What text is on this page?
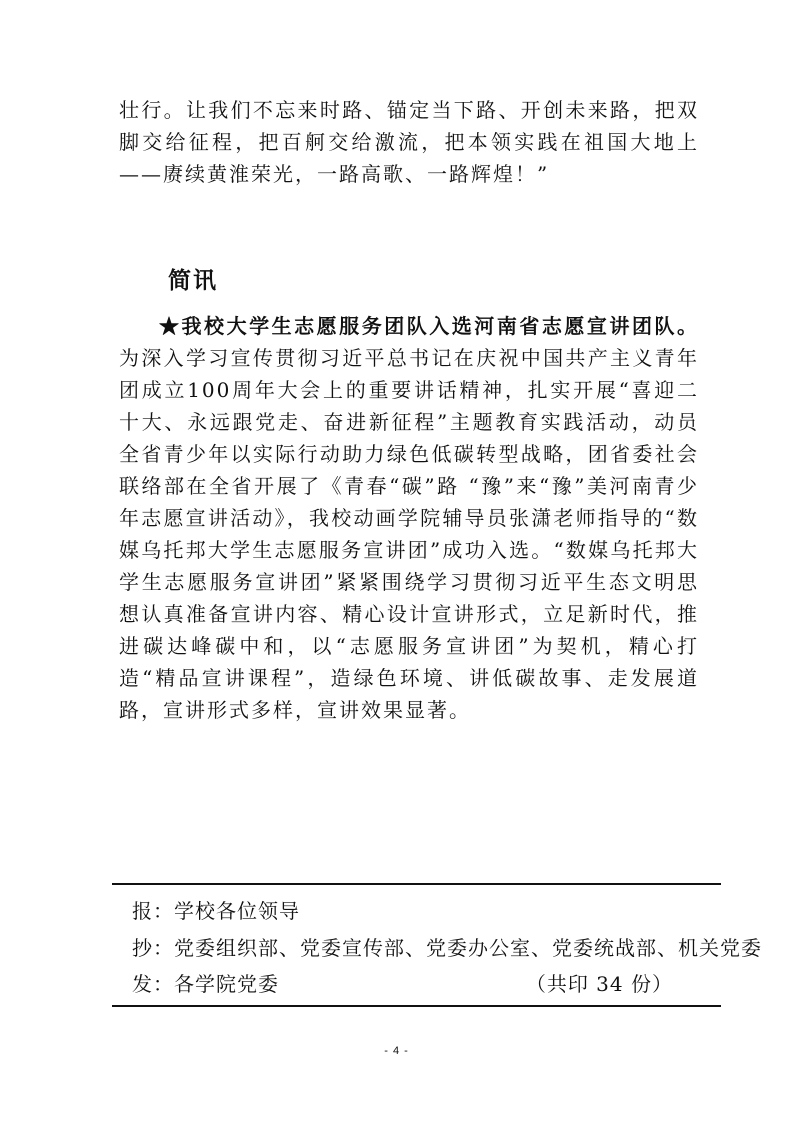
壮行。让我们不忘来时路、锚定当下路、开创未来路，把双脚交给征程，把百舸交给激流，把本领实践在祖国大地上——赓续黄淮荣光，一路高歌、一路辉煌！”

简讯

★我校大学生志愿服务团队入选河南省志愿宣讲团队。为深入学习宣传贯彻习近平总书记在庆祝中国共产主义青年团成立100周年大会上的重要讲话精神，扎实开展“喜迎二十大、永远跟党走、奋进新征程”主题教育实践活动，动员全省青少年以实际行动助力绿色低碳转型战略，团省委社会联络部在全省开展了《青春“碳”路 “豫”来“豫”美河南青少年志愿宣讲活动》，我校动画学院辅导员张潇老师指导的“数媒乌托邦大学生志愿服务宣讲团”成功入选。“数媒乌托邦大学生志愿服务宣讲团”紧紧围绕学习贯彻习近平生态文明思想认真准备宣讲内容、精心设计宣讲形式，立足新时代，推进碳达峰碳中和，以“志愿服务宣讲团”为契机，精心打造“精品宣讲课程”，造绿色环境、讲低碳故事、走发展道路，宣讲形式多样，宣讲效果显著。

报：学校各位领导
抄：党委组织部、党委宣传部、党委办公室、党委统战部、机关党委
发：各学院党委	（共印 34 份）
- 4 -
